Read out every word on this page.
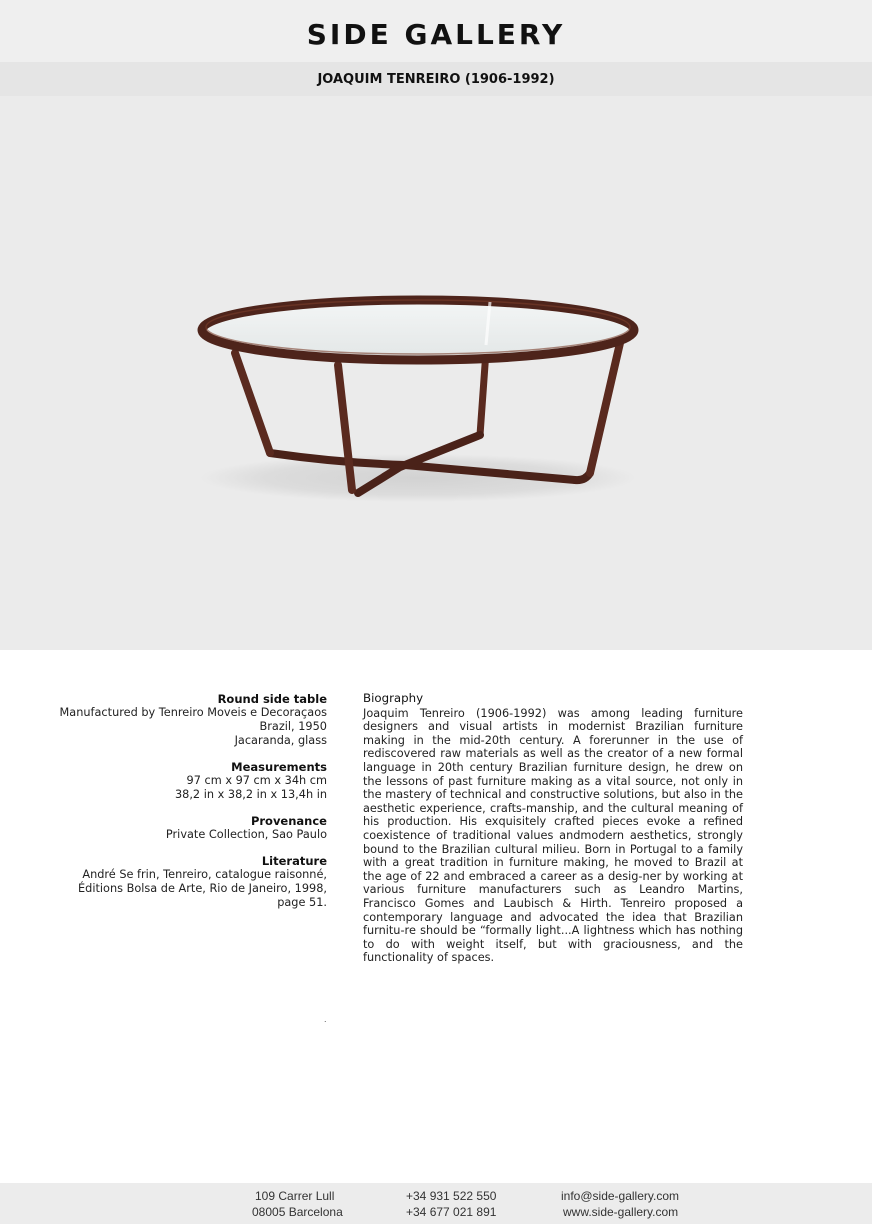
SIDE GALLERY
JOAQUIM TENREIRO (1906-1992)
Round side table
Manufactured by Tenreiro Moveis e Decoraçaos
Brazil, 1950
Jacaranda, glass
Measurements
97 cm x 97 cm x 34h cm
38,2 in x 38,2 in x 13,4h in
Provenance
Private Collection, Sao Paulo
Literature
André Se frin, Tenreiro, catalogue raisonné,
Éditions Bolsa de Arte, Rio de Janeiro, 1998,
page 51.
.
Biography
Joaquim Tenreiro (1906-1992) was among leading furniture designers and visual artists in modernist Brazilian furniture making in the mid-20th century. A forerunner in the use of rediscovered raw materials as well as the creator of a new formal language in 20th century Brazilian furniture design, he drew on the lessons of past furniture making as a vital source, not only in the mastery of technical and constructive solutions, but also in the aesthetic experience, crafts-manship, and the cultural meaning of his production. His exquisitely crafted pieces evoke a refined coexistence of traditional values andmodern aesthetics, strongly bound to the Brazilian cultural milieu. Born in Portugal to a family with a great tradition in furniture making, he moved to Brazil at the age of 22 and embraced a career as a desig-ner by working at various furniture manufacturers such as Leandro Martins, Francisco Gomes and Laubisch & Hirth. Tenreiro proposed a contemporary language and advocated the idea that Brazilian furnitu-re should be “formally light...A lightness which has nothing to do with weight itself, but with graciousness, and the functionality of spaces.
109 Carrer Lull
08005 Barcelona
+34 931 522 550
+34 677 021 891
info@side-gallery.com
www.side-gallery.com
